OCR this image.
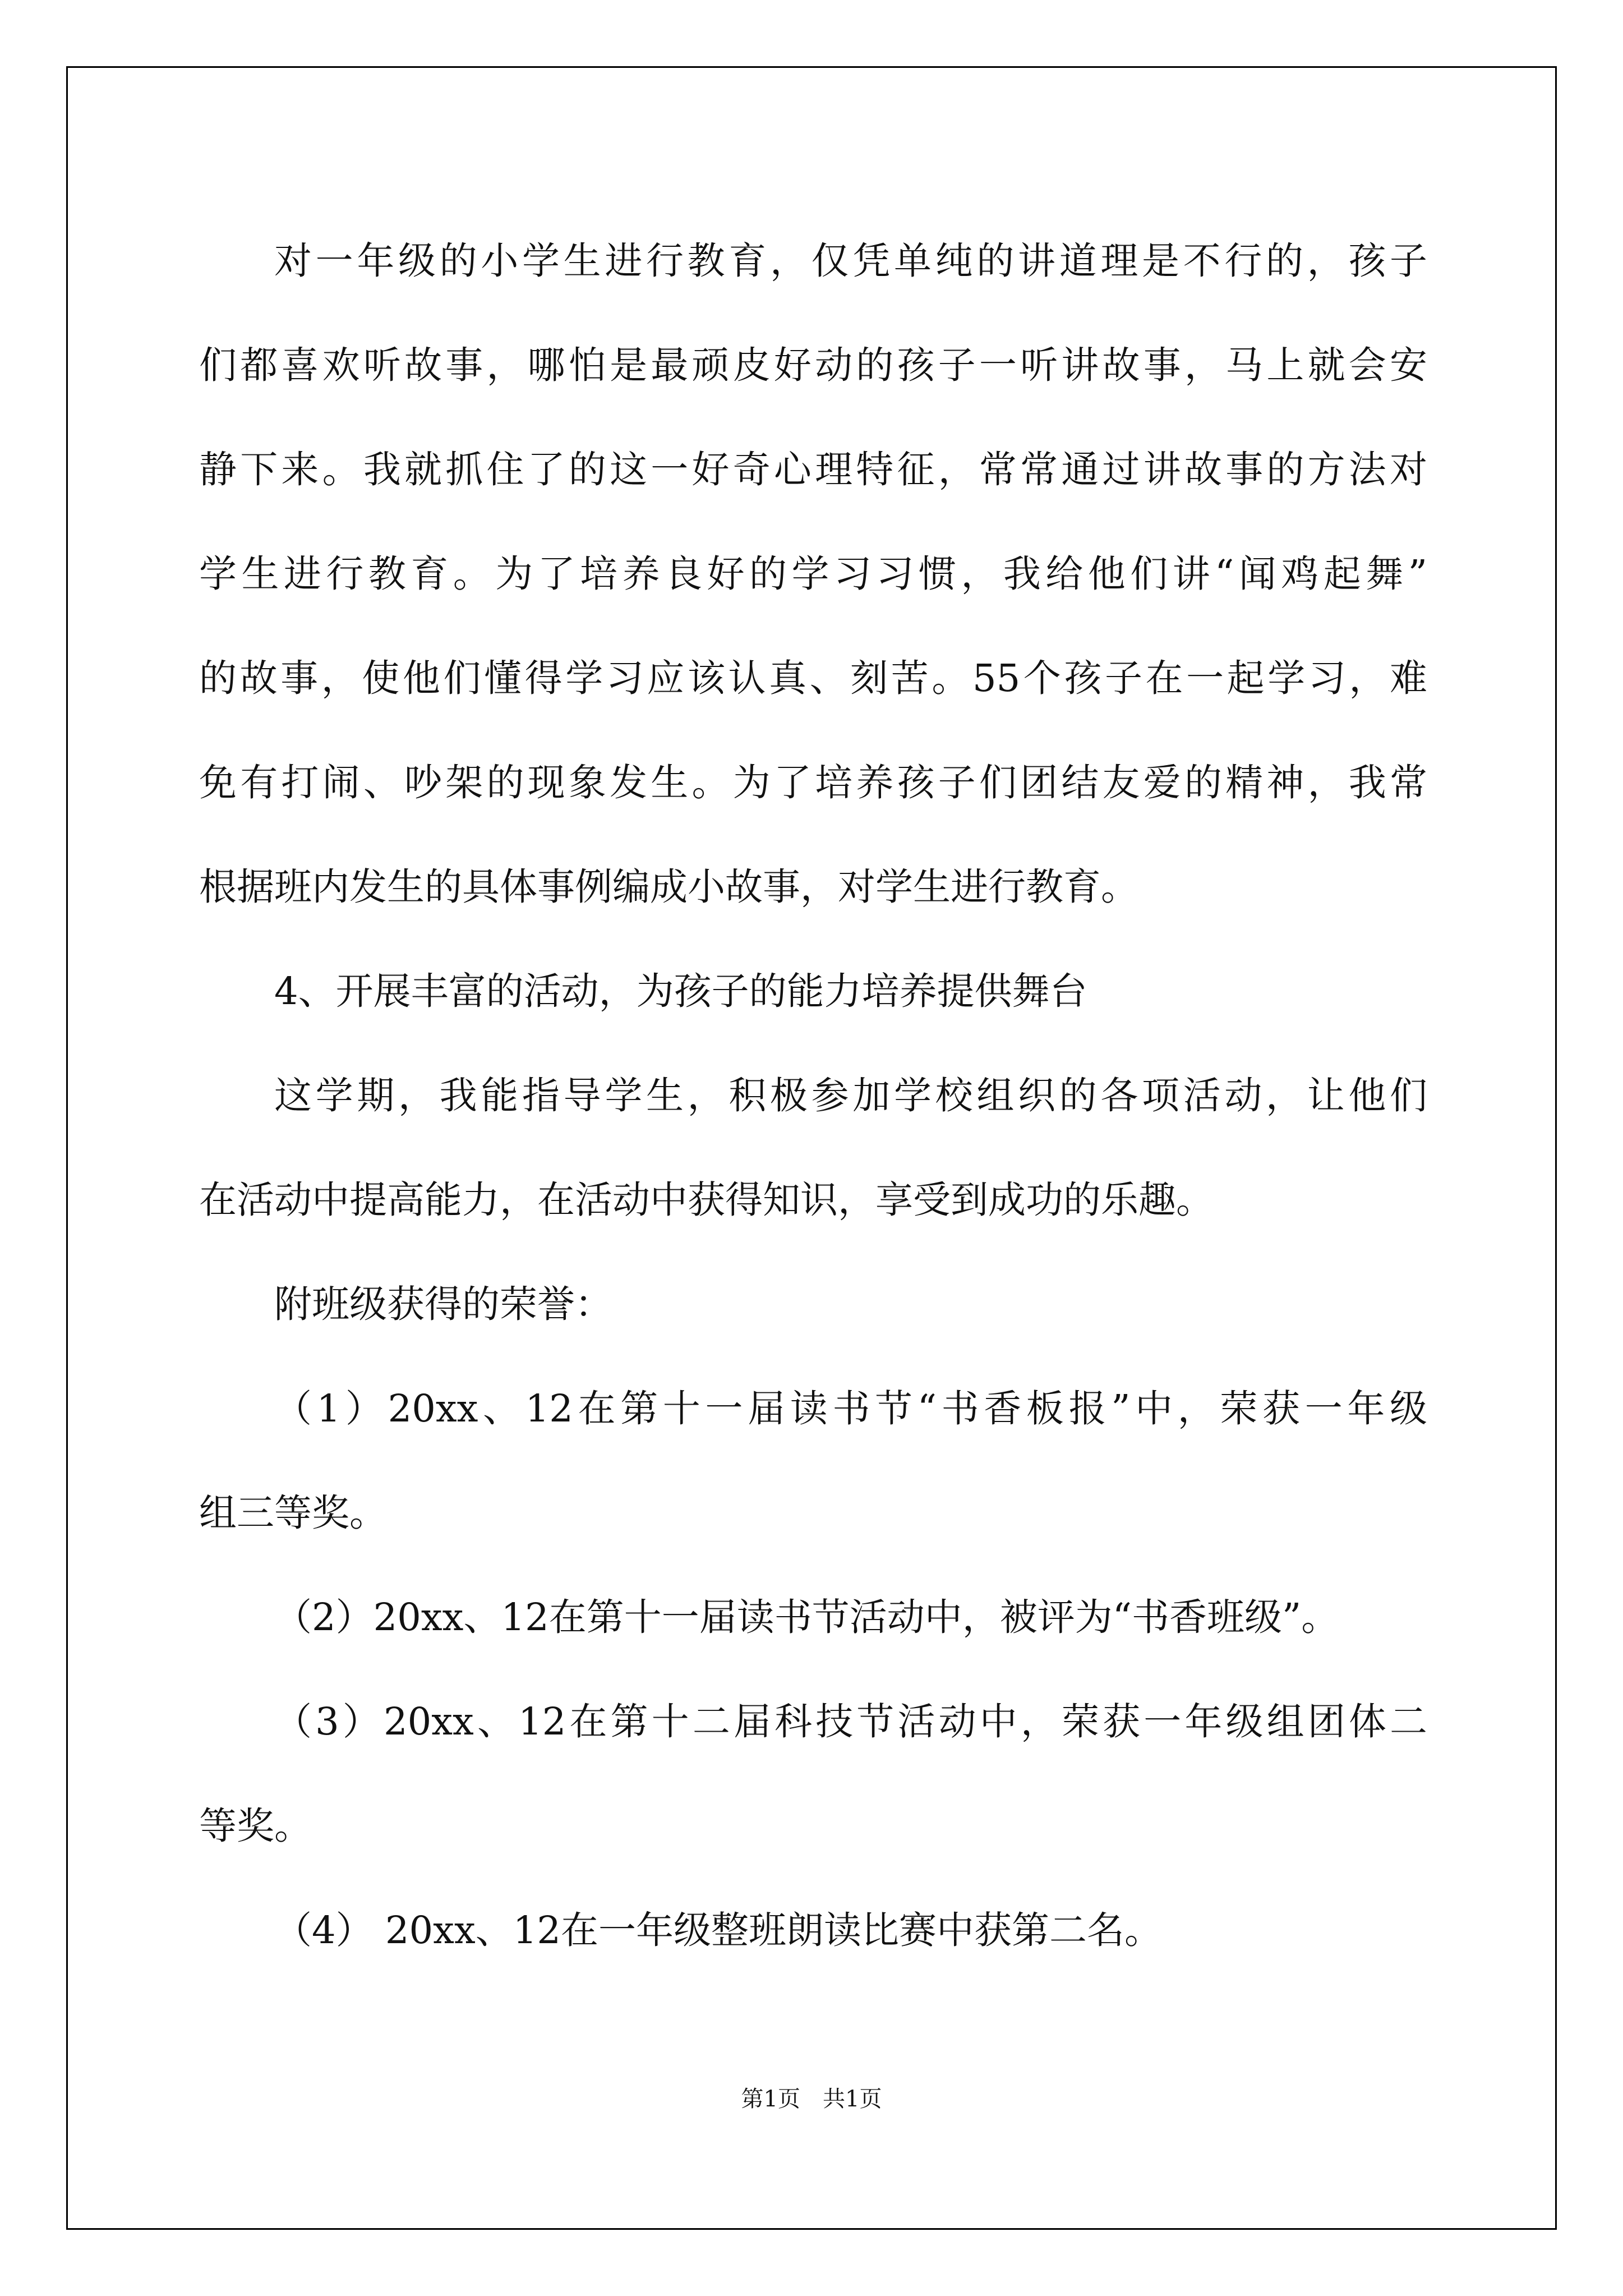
对一年级的小学生进行教育，仅凭单纯的讲道理是不行的，孩子
们都喜欢听故事，哪怕是最顽皮好动的孩子一听讲故事，马上就会安
静下来。我就抓住了的这一好奇心理特征，常常通过讲故事的方法对
学生进行教育。为了培养良好的学习习惯，我给他们讲“闻鸡起舞”
的故事，使他们懂得学习应该认真、刻苦。55个孩子在一起学习，难
免有打闹、吵架的现象发生。为了培养孩子们团结友爱的精神，我常
根据班内发生的具体事例编成小故事，对学生进行教育。
4、开展丰富的活动，为孩子的能力培养提供舞台
这学期，我能指导学生，积极参加学校组织的各项活动，让他们
在活动中提高能力，在活动中获得知识，享受到成功的乐趣。
附班级获得的荣誉：
（1）20xx、12在第十一届读书节“书香板报”中，荣获一年级
组三等奖。
（2）20xx、12在第十一届读书节活动中，被评为“书香班级”。
（3）20xx、12在第十二届科技节活动中，荣获一年级组团体二
等奖。
（4） 20xx、12在一年级整班朗读比赛中获第二名。
第1页 共1页
